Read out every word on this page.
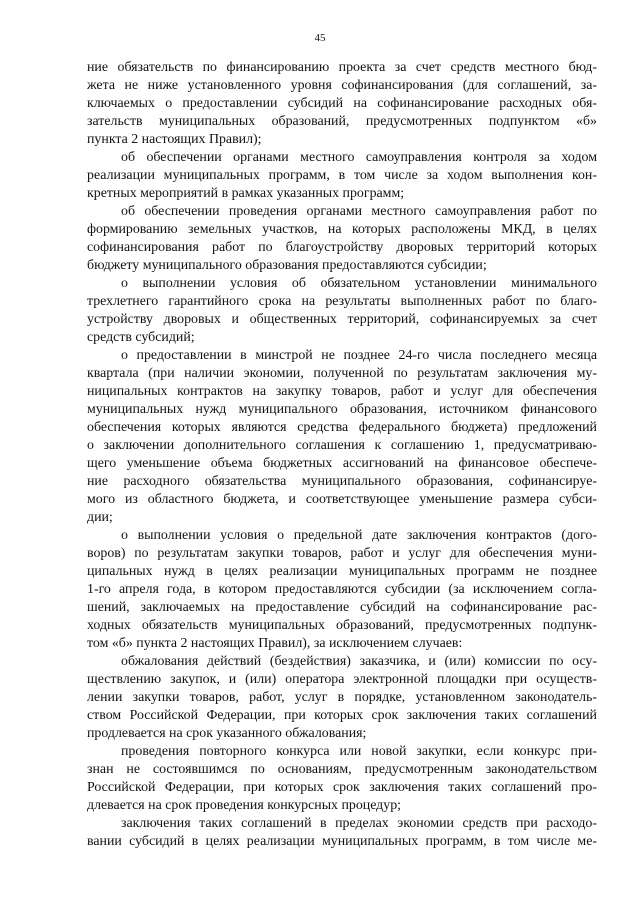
45
ние обязательств по финансированию проекта за счет средств местного бюд-
жета не ниже установленного уровня софинансирования (для соглашений, за-
ключаемых о предоставлении субсидий на софинансирование расходных обя-
зательств муниципальных образований, предусмотренных подпунктом «б»
пункта 2 настоящих Правил);
об обеспечении органами местного самоуправления контроля за ходом
реализации муниципальных программ, в том числе за ходом выполнения кон-
кретных мероприятий в рамках указанных программ;
об обеспечении проведения органами местного самоуправления работ по
формированию земельных участков, на которых расположены МКД, в целях
софинансирования работ по благоустройству дворовых территорий которых
бюджету муниципального образования предоставляются субсидии;
о выполнении условия об обязательном установлении минимального
трехлетнего гарантийного срока на результаты выполненных работ по благо-
устройству дворовых и общественных территорий, софинансируемых за счет
средств субсидий;
о предоставлении в минстрой не позднее 24-го числа последнего месяца
квартала (при наличии экономии, полученной по результатам заключения му-
ниципальных контрактов на закупку товаров, работ и услуг для обеспечения
муниципальных нужд муниципального образования, источником финансового
обеспечения которых являются средства федерального бюджета) предложений
о заключении дополнительного соглашения к соглашению 1, предусматриваю-
щего уменьшение объема бюджетных ассигнований на финансовое обеспече-
ние расходного обязательства муниципального образования, софинансируе-
мого из областного бюджета, и соответствующее уменьшение размера субси-
дии;
о выполнении условия о предельной дате заключения контрактов (дого-
воров) по результатам закупки товаров, работ и услуг для обеспечения муни-
ципальных нужд в целях реализации муниципальных программ не позднее
1-го апреля года, в котором предоставляются субсидии (за исключением согла-
шений, заключаемых на предоставление субсидий на софинансирование рас-
ходных обязательств муниципальных образований, предусмотренных подпунк-
том «б» пункта 2 настоящих Правил), за исключением случаев:
обжалования действий (бездействия) заказчика, и (или) комиссии по осу-
ществлению закупок, и (или) оператора электронной площадки при осуществ-
лении закупки товаров, работ, услуг в порядке, установленном законодатель-
ством Российской Федерации, при которых срок заключения таких соглашений
продлевается на срок указанного обжалования;
проведения повторного конкурса или новой закупки, если конкурс при-
знан не состоявшимся по основаниям, предусмотренным законодательством
Российской Федерации, при которых срок заключения таких соглашений про-
длевается на срок проведения конкурсных процедур;
заключения таких соглашений в пределах экономии средств при расходо-
вании субсидий в целях реализации муниципальных программ, в том числе ме-
